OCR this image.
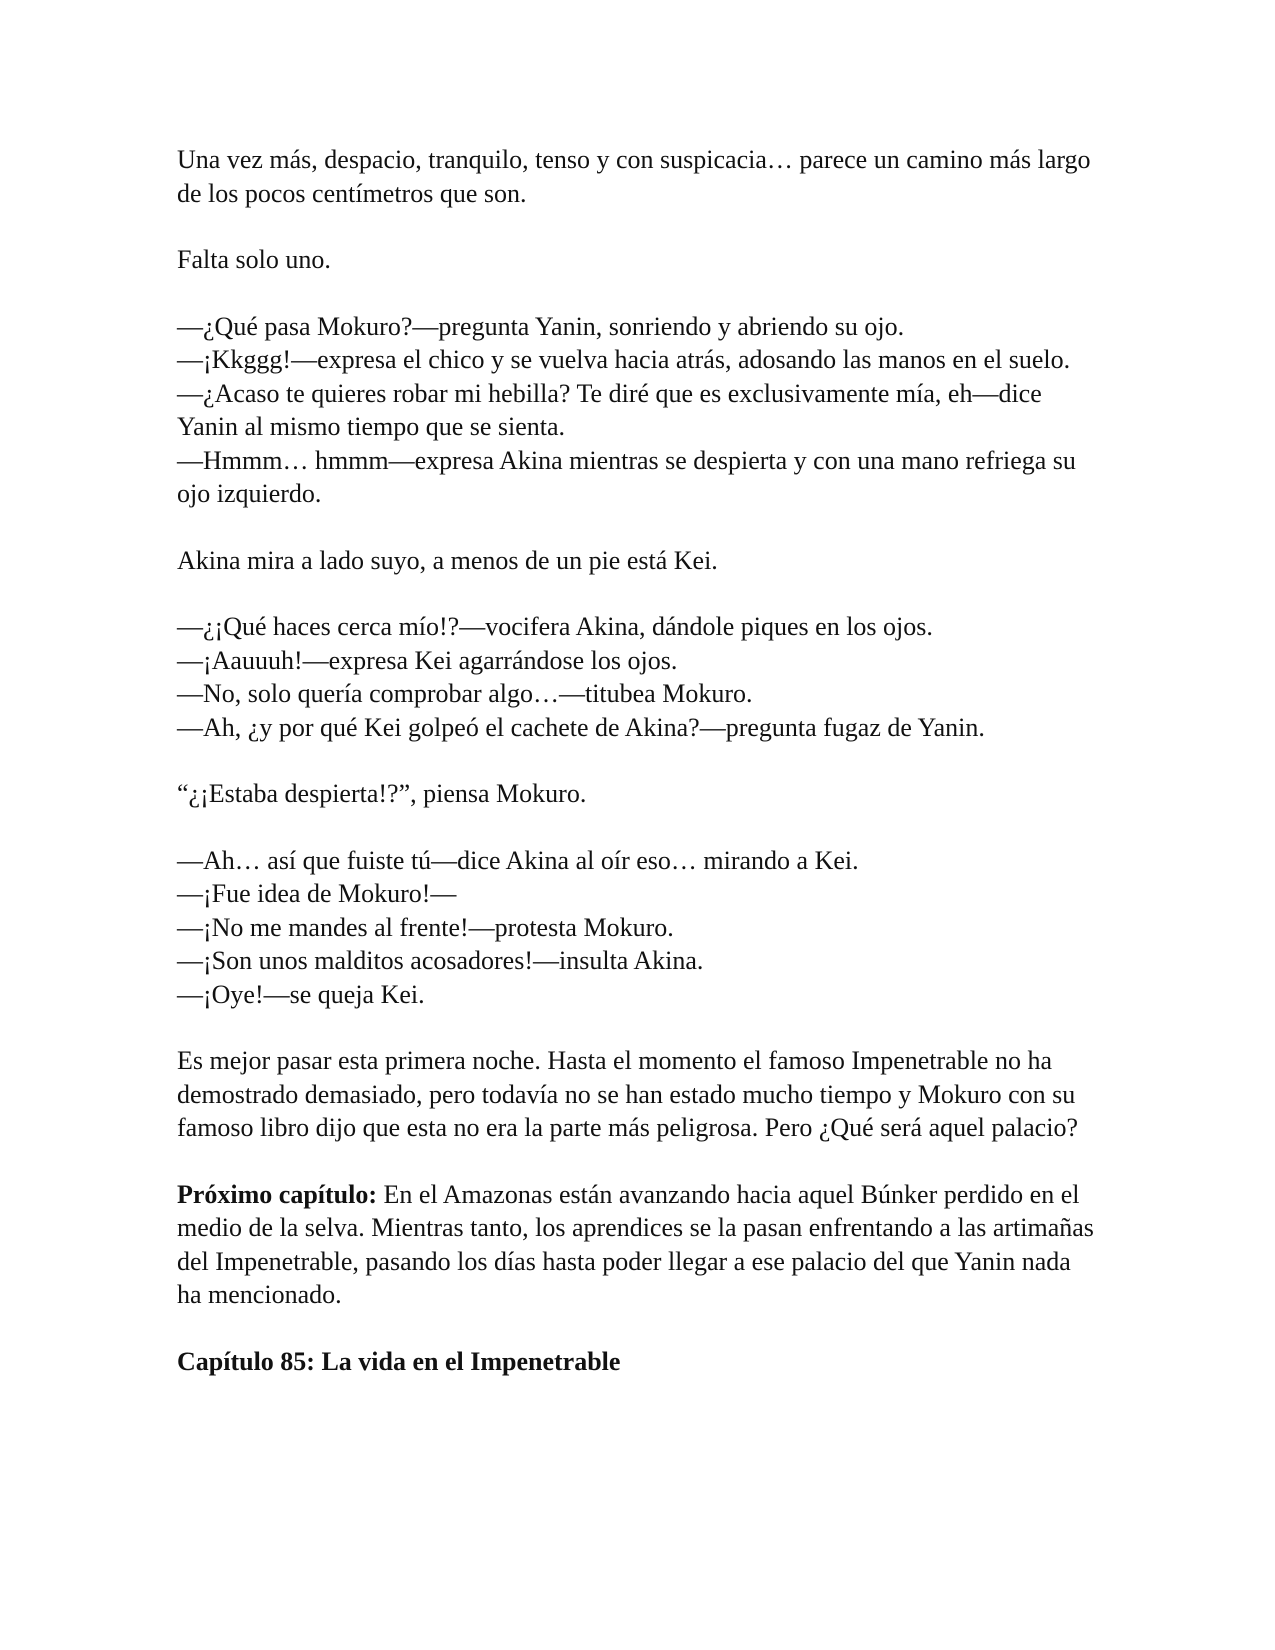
Una vez más, despacio, tranquilo, tenso y con suspicacia… parece un camino más largo de los pocos centímetros que son.

Falta solo uno.

—¿Qué pasa Mokuro?—pregunta Yanin, sonriendo y abriendo su ojo.

—¡Kkggg!—expresa el chico y se vuelva hacia atrás, adosando las manos en el suelo.

—¿Acaso te quieres robar mi hebilla? Te diré que es exclusivamente mía, eh—dice Yanin al mismo tiempo que se sienta.

—Hmmm… hmmm—expresa Akina mientras se despierta y con una mano refriega su ojo izquierdo.

Akina mira a lado suyo, a menos de un pie está Kei.

—¿¡Qué haces cerca mío!?—vocifera Akina, dándole piques en los ojos.

—¡Aauuuh!—expresa Kei agarrándose los ojos.

—No, solo quería comprobar algo…—titubea Mokuro.

—Ah, ¿y por qué Kei golpeó el cachete de Akina?—pregunta fugaz de Yanin.

“¿¡Estaba despierta!?”, piensa Mokuro.

—Ah… así que fuiste tú—dice Akina al oír eso… mirando a Kei.

—¡Fue idea de Mokuro!—

—¡No me mandes al frente!—protesta Mokuro.

—¡Son unos malditos acosadores!—insulta Akina.

—¡Oye!—se queja Kei.

Es mejor pasar esta primera noche. Hasta el momento el famoso Impenetrable no ha demostrado demasiado, pero todavía no se han estado mucho tiempo y Mokuro con su famoso libro dijo que esta no era la parte más peligrosa. Pero ¿Qué será aquel palacio?

Próximo capítulo: En el Amazonas están avanzando hacia aquel Búnker perdido en el medio de la selva. Mientras tanto, los aprendices se la pasan enfrentando a las artimañas del Impenetrable, pasando los días hasta poder llegar a ese palacio del que Yanin nada ha mencionado.

Capítulo 85: La vida en el Impenetrable
